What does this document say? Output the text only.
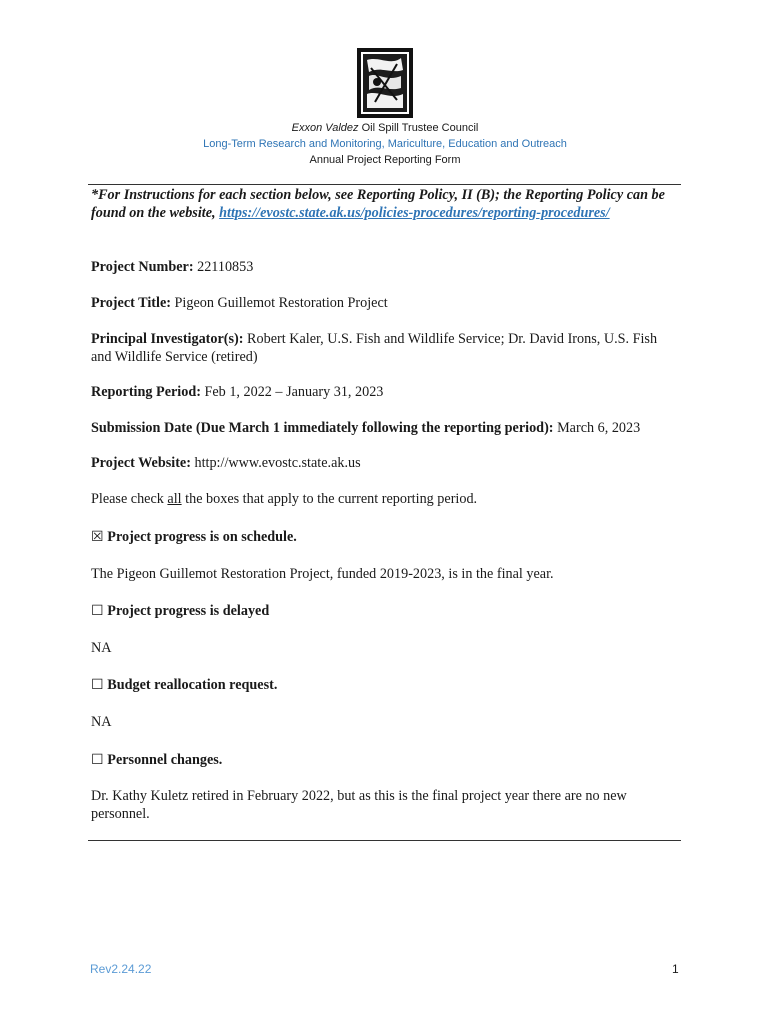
Exxon Valdez Oil Spill Trustee Council
Long-Term Research and Monitoring, Mariculture, Education and Outreach
Annual Project Reporting Form
*For Instructions for each section below, see Reporting Policy, II (B); the Reporting Policy can be found on the website, https://evostc.state.ak.us/policies-procedures/reporting-procedures/
Project Number: 22110853
Project Title: Pigeon Guillemot Restoration Project
Principal Investigator(s): Robert Kaler, U.S. Fish and Wildlife Service; Dr. David Irons, U.S. Fish and Wildlife Service (retired)
Reporting Period: Feb 1, 2022 – January 31, 2023
Submission Date (Due March 1 immediately following the reporting period): March 6, 2023
Project Website: http://www.evostc.state.ak.us
Please check all the boxes that apply to the current reporting period.
☒ Project progress is on schedule.
The Pigeon Guillemot Restoration Project, funded 2019-2023, is in the final year.
☐ Project progress is delayed
NA
☐ Budget reallocation request.
NA
☐ Personnel changes.
Dr. Kathy Kuletz retired in February 2022, but as this is the final project year there are no new personnel.
Rev2.24.22	1
